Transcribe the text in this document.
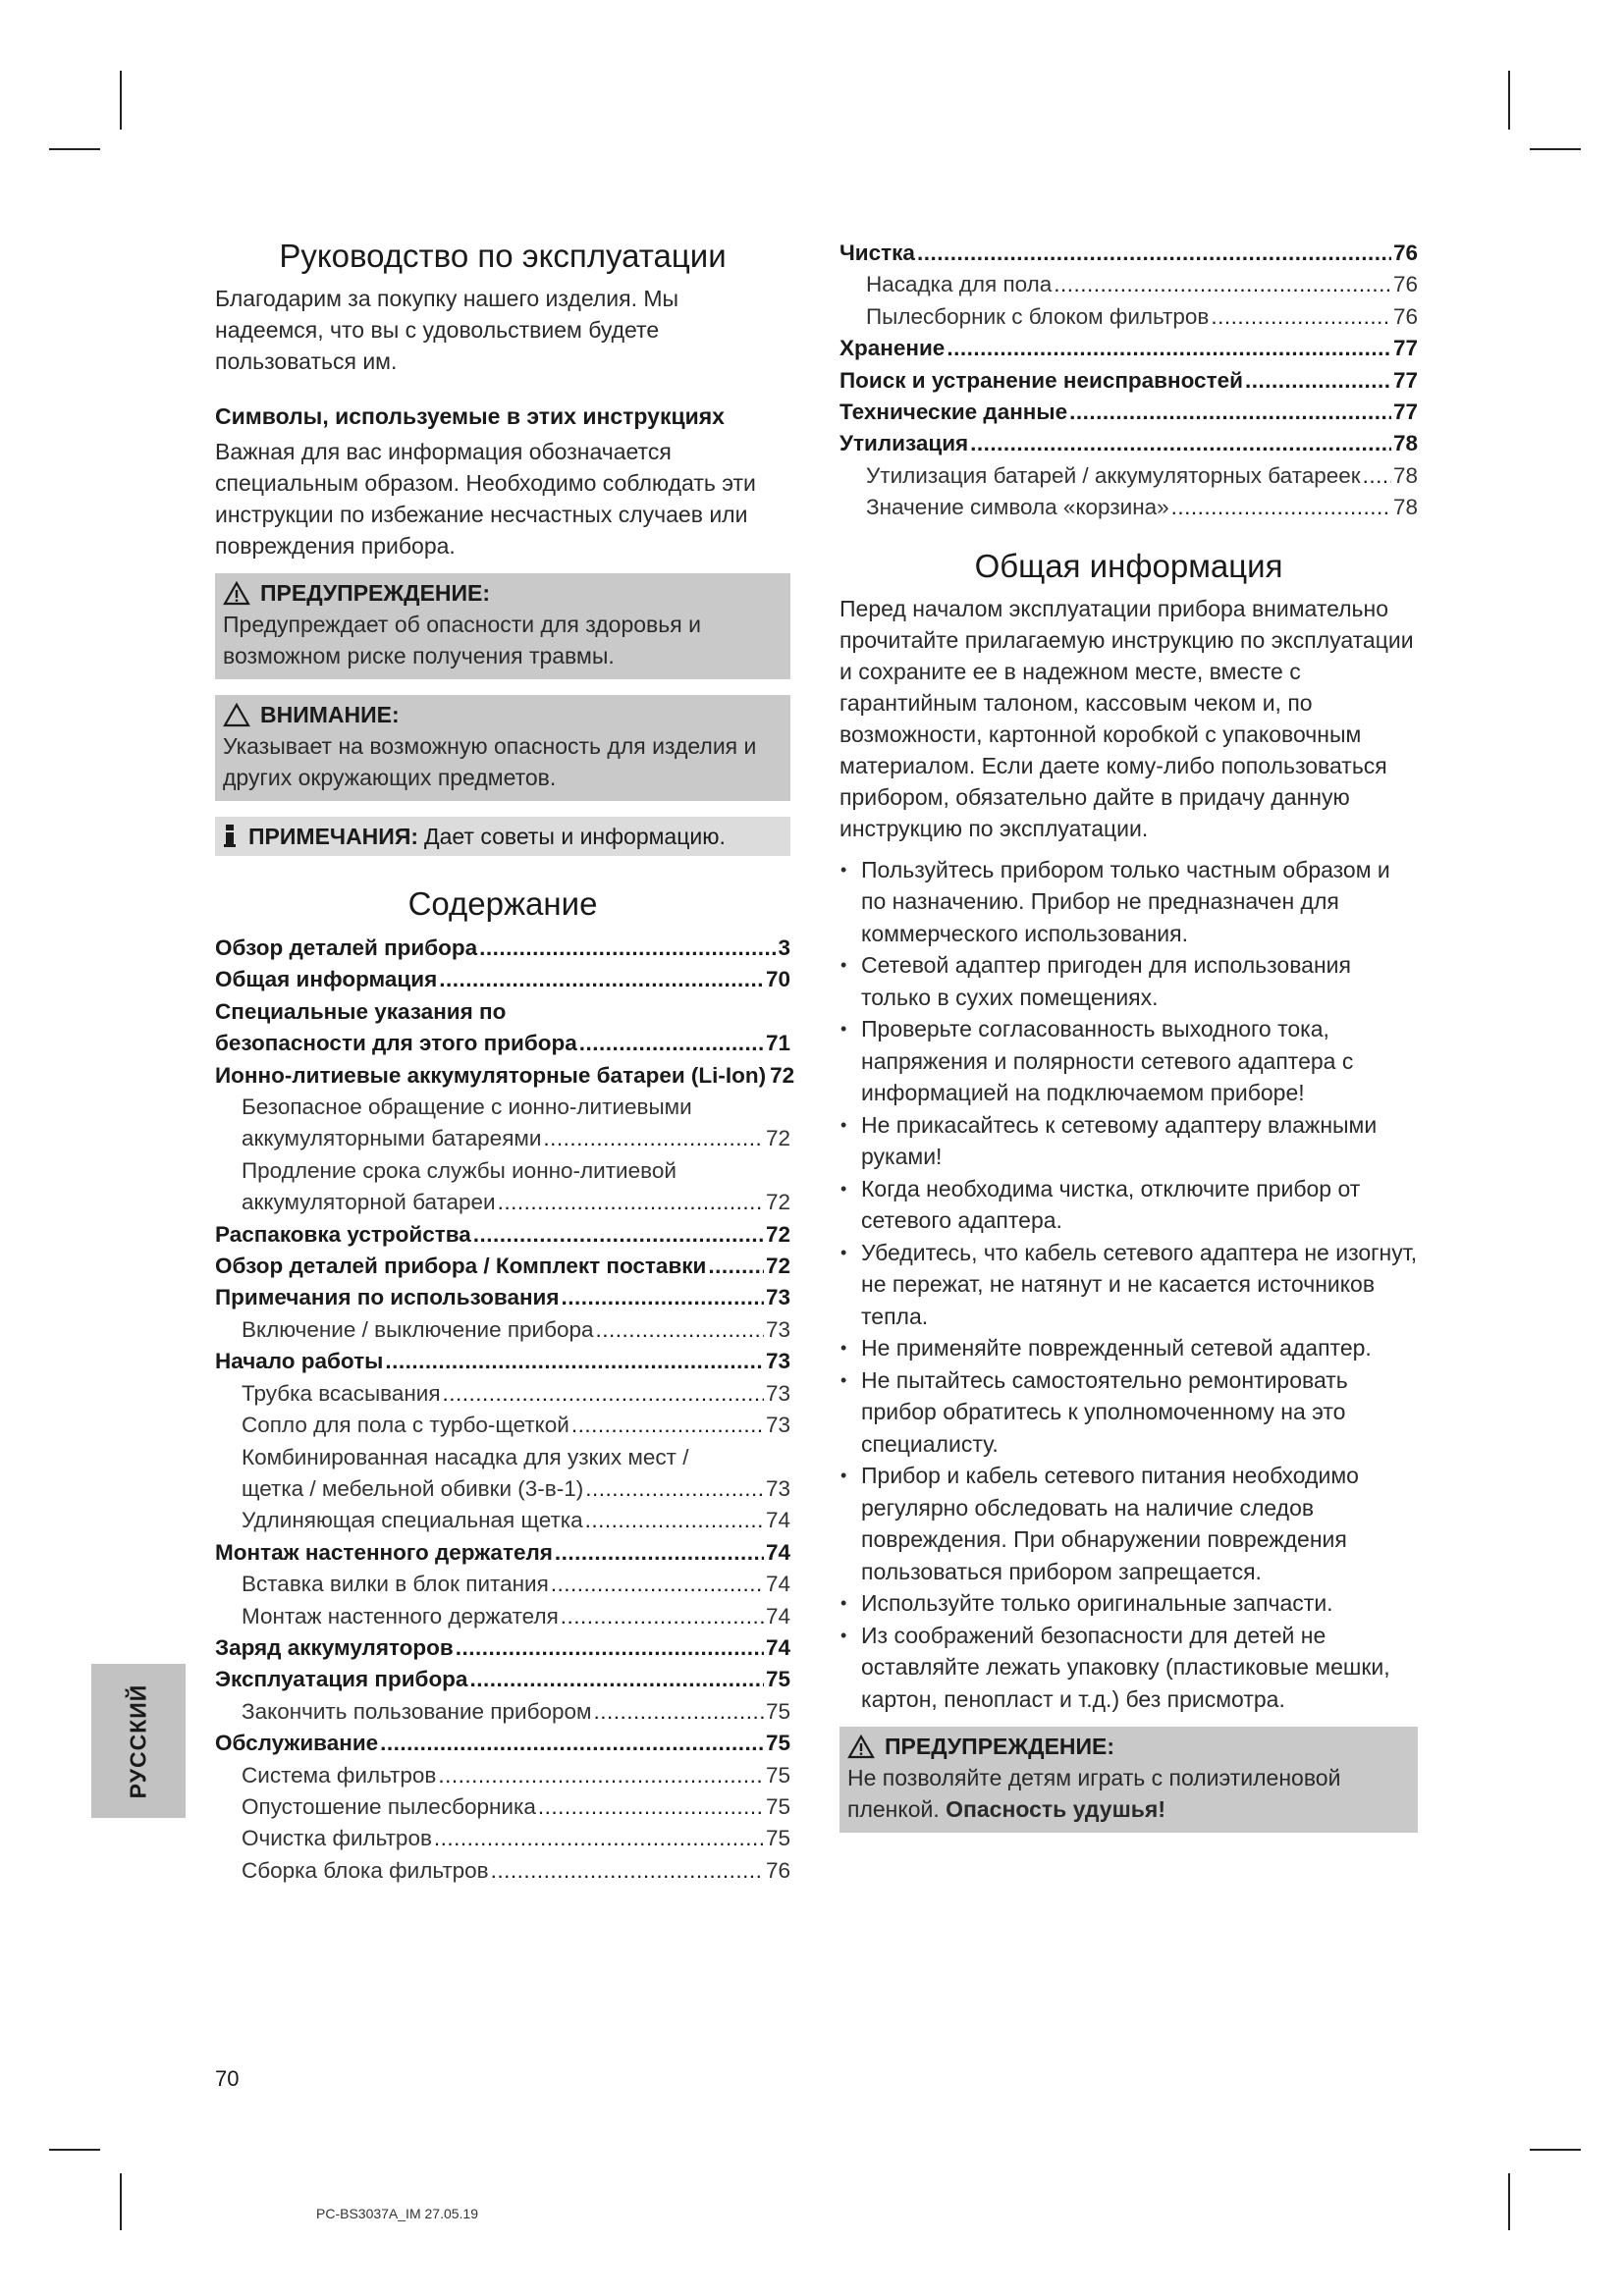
Руководство по эксплуатации

Благодарим за покупку нашего изделия. Мы надеемся, что вы с удовольствием будете пользоваться им.

Символы, используемые в этих инструкциях

Важная для вас информация обозначается специальным образом. Необходимо соблюдать эти инструкции по избежание несчастных случаев или повреждения прибора.

ПРЕДУПРЕЖДЕНИЕ:

Предупреждает об опасности для здоровья и возможном риске получения травмы.

ВНИМАНИЕ:

Указывает на возможную опасность для изделия и других окружающих предметов.

ПРИМЕЧАНИЯ: Дает советы и информацию.
Содержание
Обзор деталей прибора .....	3
Общая информация .....	70
Специальные указания по
безопасности для этого прибора .....	71
Ионно-литиевые аккумуляторные батареи (Li-Ion) 72
Безопасное обращение с ионно-литиевыми
аккумуляторными батареями .....	72
Продление срока службы ионно-литиевой
аккумуляторной батареи .....	72
Распаковка устройства .....	72
Обзор деталей прибора / Комплект поставки .....	72
Примечания по использования .....	73
Включение / выключение прибора .....	73
Начало работы .....	73
Трубка всасывания .....	73
Сопло для пола с турбо-щеткой .....	73
Комбинированная насадка для узких мест /
щетка / мебельной обивки (3-в-1) .....	73
Удлиняющая специальная щетка .....	74
Монтаж настенного держателя .....	74
Вставка вилки в блок питания .....	74
Монтаж настенного держателя .....	74
Заряд аккумуляторов .....	74
Эксплуатация прибора .....	75
Закончить пользование прибором .....	75
Обслуживание .....	75
Система фильтров .....	75
Опустошение пылесборника .....	75
Очистка фильтров .....	75
Сборка блока фильтров .....	76
Чистка .....	76
Насадка для пола .....	76
Пылесборник с блоком фильтров .....	76
Хранение .....	77
Поиск и устранение неисправностей .....	77
Технические данные .....	77
Утилизация .....	78
Утилизация батарей / аккумуляторных батареек ..... 78
Значение символа «корзина» .....	78
Общая информация

Перед началом эксплуатации прибора внимательно прочитайте прилагаемую инструкцию по эксплуатации и сохраните ее в надежном месте, вместе с гарантийным талоном, кассовым чеком и, по возможности, картонной коробкой с упаковочным материалом. Если даете кому-либо попользоваться прибором, обязательно дайте в придачу данную инструкцию по эксплуатации.

• Пользуйтесь прибором только частным образом и по назначению. Прибор не предназначен для коммерческого использования.
• Сетевой адаптер пригоден для использования только в сухих помещениях.
• Проверьте согласованность выходного тока, напряжения и полярности сетевого адаптера с информацией на подключаемом приборе!
• Не прикасайтесь к сетевому адаптеру влажными руками!
• Когда необходима чистка, отключите прибор от сетевого адаптера.
• Убедитесь, что кабель сетевого адаптера не изогнут, не пережат, не натянут и не касается источников тепла.
• Не применяйте поврежденный сетевой адаптер.
• Не пытайтесь самостоятельно ремонтировать прибор обратитесь к уполномоченному на это специалисту.
• Прибор и кабель сетевого питания необходимо регулярно обследовать на наличие следов повреждения. При обнаружении повреждения пользоваться прибором запрещается.
• Используйте только оригинальные запчасти.
• Из соображений безопасности для детей не оставляйте лежать упаковку (пластиковые мешки, картон, пенопласт и т.д.) без присмотра.
ПРЕДУПРЕЖДЕНИЕ:

Не позволяйте детям играть с полиэтиленовой пленкой. Опасность удушья!

РУССКИЙ
70
PC-BS3037A_IM 27.05.19
